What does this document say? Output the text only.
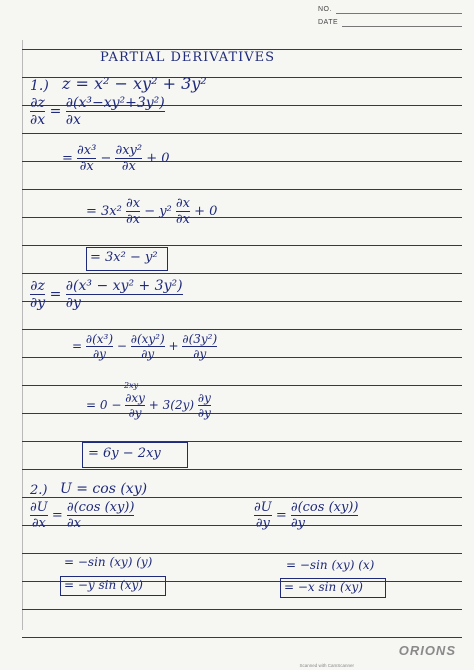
NO.
DATE
PARTIAL DERIVATIVES
1.) z = x² − xy² + 3y²
$\frac{\partial z}{\partial x} = \frac{\text{∂(x³−xy²+3y²)}}{\partial x}$
= $\frac{\text{∂x³}}{\partial x} - \frac{\text{∂xy²}}{\partial x} + 0$
= $3x^2 \frac{\partial x}{\partial x} - y^2 \frac{\partial x}{\partial x} + 0$
= 3x² − y²
$\frac{\partial z}{\partial y} = \frac{\text{∂(x³ − xy² + 3y²)}}{\partial y}$
= $\frac{\text{∂(x³)}}{\partial y} - \frac{\text{∂(xy²)}}{\partial y} + \frac{\text{∂(3y²)}}{\partial y}$
2xy
= $0 - \frac{\partial xy}{\partial y} + 3(2y) \frac{\partial y}{\partial y}$
= 6y − 2xy
2.) U = cos (xy)
$\frac{\partial U}{\partial x} = \frac{\partial(\cos (xy))}{\partial x}$	$\frac{\partial U}{\partial y} = \frac{\partial(\cos (xy))}{\partial y}$
= −sin (xy) (y)	= −sin (xy) (x)
= −y sin (xy)	= −x sin (xy)
ORIONS
Scanned with CamScanner
